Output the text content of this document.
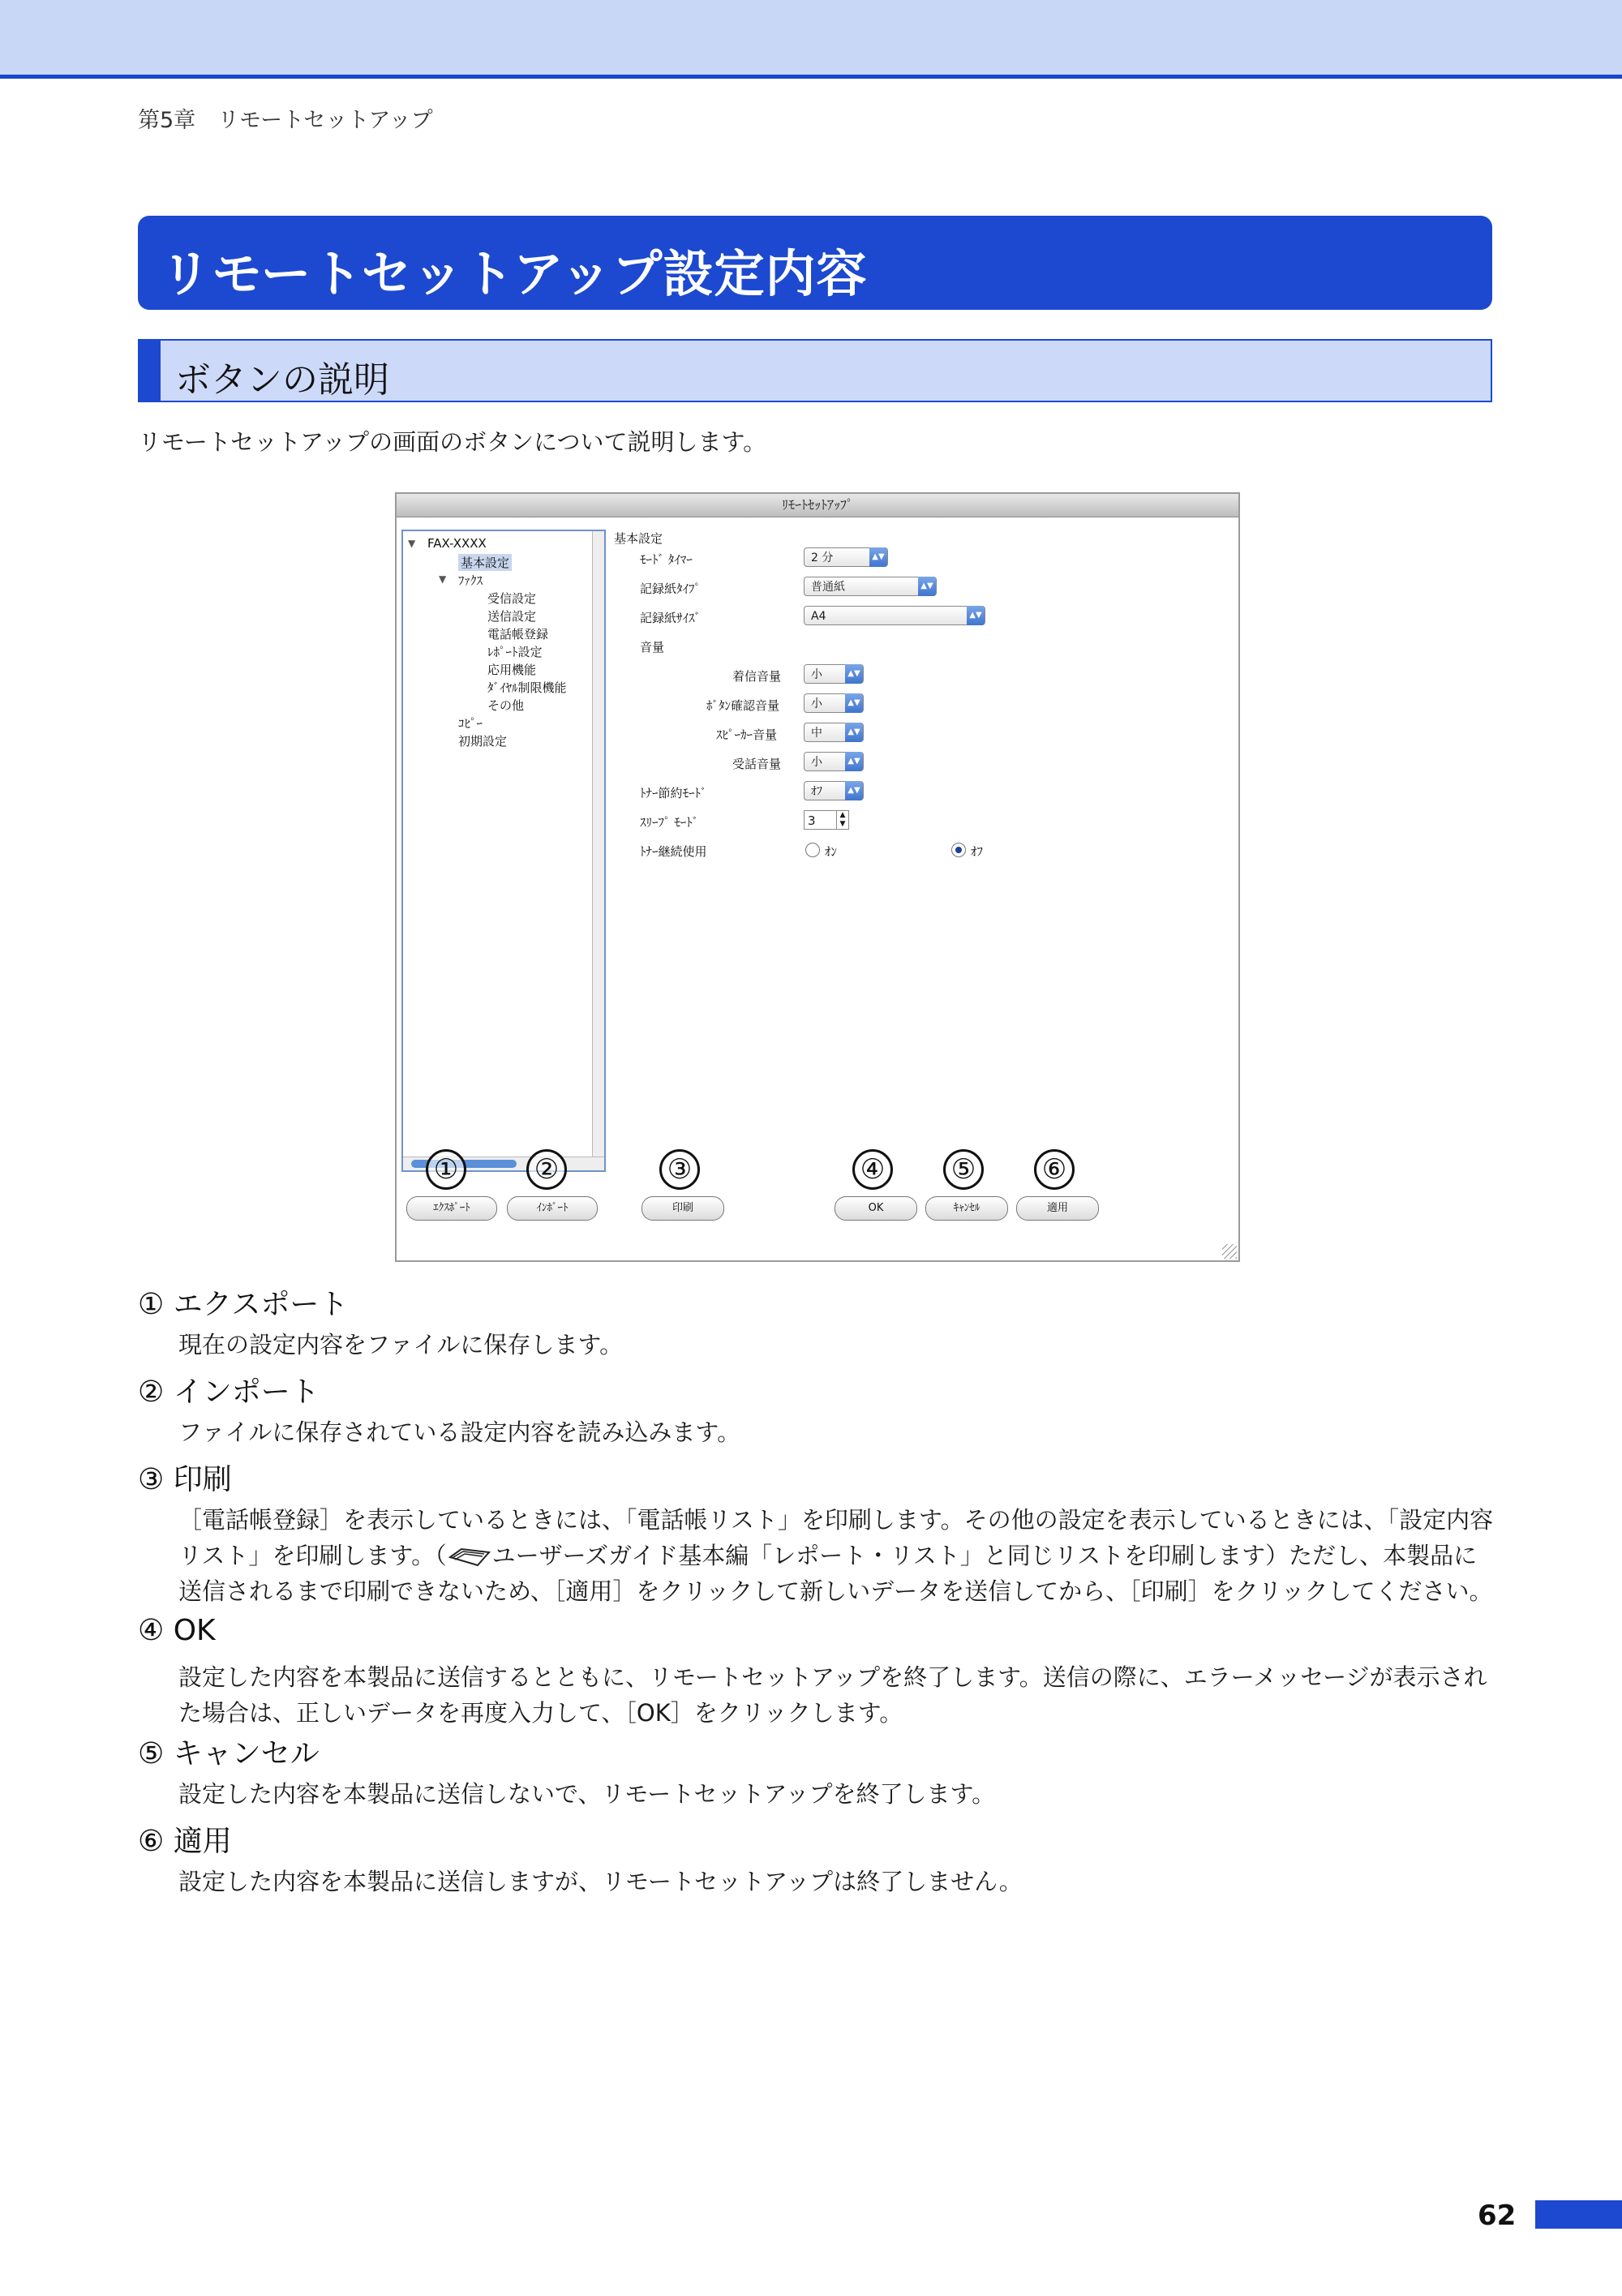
第5章　リモートセットアップ
リモートセットアップ設定内容
ボタンの説明
リモートセットアップの画面のボタンについて説明します。
ﾘﾓｰﾄｾｯﾄｱｯﾌﾟ
▼ FAX-XXXX
基本設定
▼ ﾌｧｸｽ
受信設定
送信設定
電話帳登録
ﾚﾎﾟｰﾄ設定
応用機能
ﾀﾞｲﾔﾙ制限機能
その他
ｺﾋﾟｰ
初期設定
基本設定
ﾓｰﾄﾞ ﾀｲﾏｰ	2 分	▲▼
記録紙ﾀｲﾌﾟ	普通紙	▲▼
記録紙ｻｲｽﾞ	A4	▲▼
音量
着信音量	小	▲▼
ﾎﾞﾀﾝ確認音量	小	▲▼
ｽﾋﾟｰｶｰ音量	中	▲▼
受話音量	小	▲▼
ﾄﾅｰ節約ﾓｰﾄﾞ	ｵﾌ	▲▼
ｽﾘｰﾌﾟ ﾓｰﾄﾞ	3	▲
▼
ﾄﾅｰ継続使用	ｵﾝ	ｵﾌ
①	②	③	④ ⑤ ⑥
ｴｸｽﾎﾟｰﾄ	ｲﾝﾎﾟｰﾄ	印刷	OK	ｷｬﾝｾﾙ	適用
① エクスポート
現在の設定内容をファイルに保存します。
② インポート
ファイルに保存されている設定内容を読み込みます。
③ 印刷
［電話帳登録］を表示しているときには、「電話帳リスト」を印刷します。その他の設定を表示しているときには、「設定内容リスト」を印刷します。（ ユーザーズガイド基本編「レポート・リスト」と同じリストを印刷します）ただし、本製品に送信されるまで印刷できないため、［適用］をクリックして新しいデータを送信してから、［印刷］をクリックしてください。
④ OK
設定した内容を本製品に送信するとともに、リモートセットアップを終了します。送信の際に、エラーメッセージが表示された場合は、正しいデータを再度入力して、［OK］をクリックします。
⑤ キャンセル
設定した内容を本製品に送信しないで、リモートセットアップを終了します。
⑥ 適用
設定した内容を本製品に送信しますが、リモートセットアップは終了しません。
62
